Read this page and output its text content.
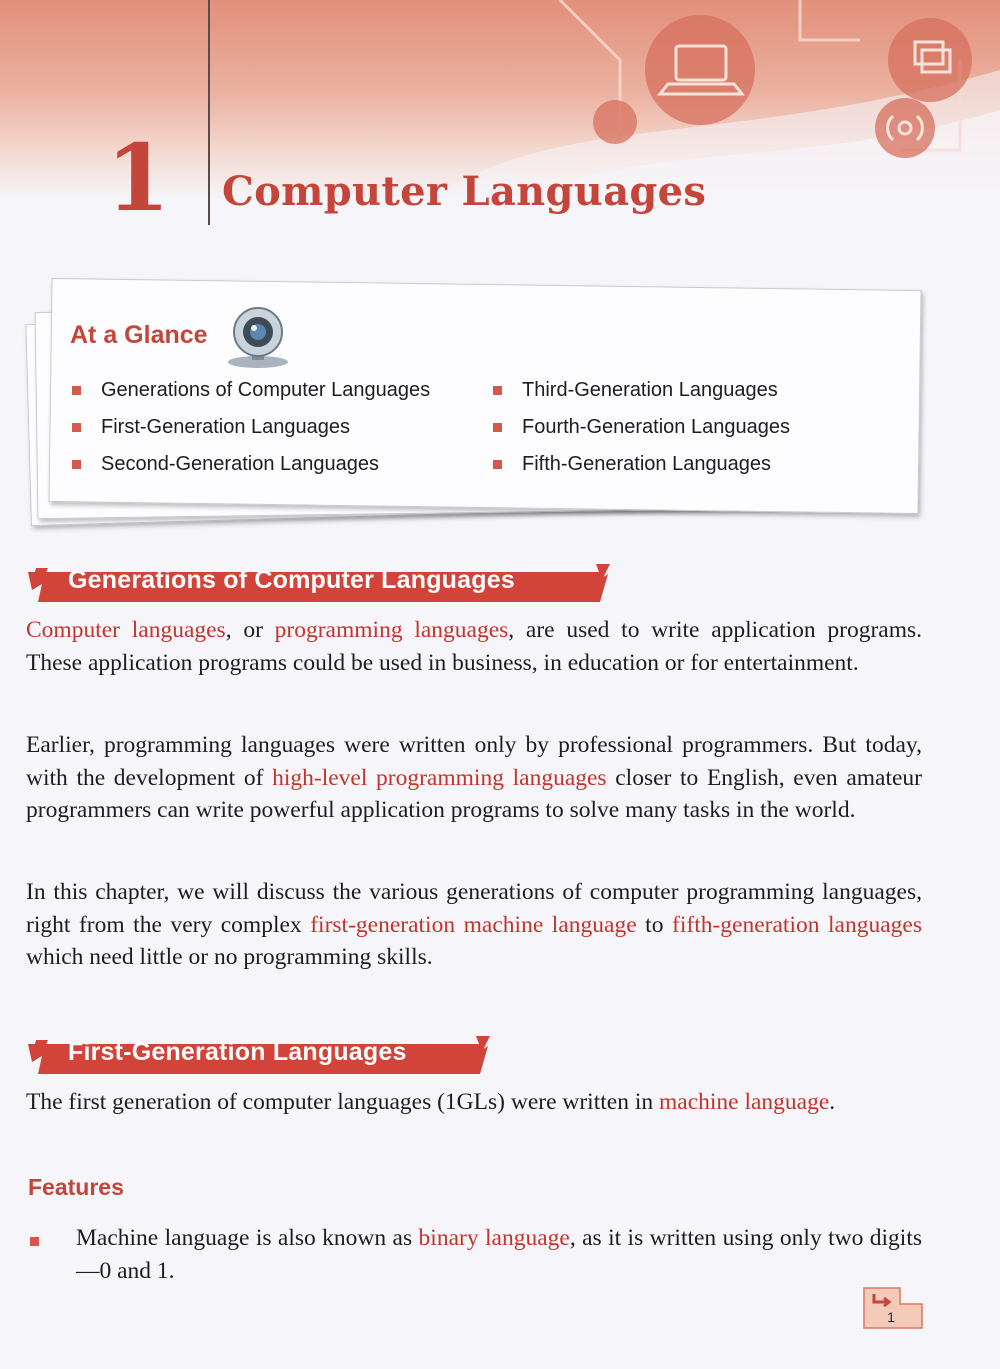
1	Computer Languages
At a Glance
Generations of Computer Languages
First-Generation Languages
Second-Generation Languages
Third-Generation Languages
Fourth-Generation Languages
Fifth-Generation Languages
Generations of Computer Languages

Computer languages, or programming languages, are used to write application programs. These application programs could be used in business, in education or for entertainment.

Earlier, programming languages were written only by professional programmers. But today, with the development of high-level programming languages closer to English, even amateur programmers can write powerful application programs to solve many tasks in the world.

In this chapter, we will discuss the various generations of computer programming languages, right from the very complex first-generation machine language to fifth-generation languages which need little or no programming skills.

First-Generation Languages

The first generation of computer languages (1GLs) were written in machine language.

Features

Machine language is also known as binary language, as it is written using only two digits—0 and 1.

1
